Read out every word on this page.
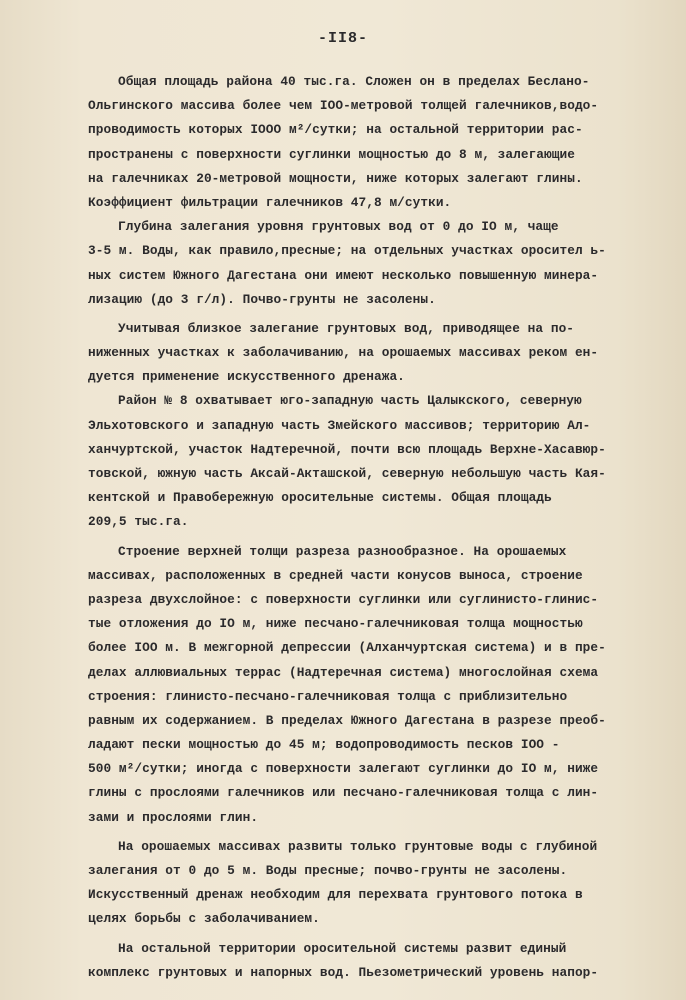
-II8-
Общая площадь района 40 тыс.га. Сложен он в пределах Беслано-
Ольгинского массива более чем IOO-метровой толщей галечников,водо-
проводимость которых IOOO м²/сутки; на остальной территории рас-
пространены с поверхности суглинки мощностью до 8 м, залегающие
на галечниках 20-метровой мощности, ниже которых залегают глины.
Коэффициент фильтрации галечников 47,8 м/сутки.
Глубина залегания уровня грунтовых вод от 0 до IO м, чаще
3-5 м. Воды, как правило,пресные; на отдельных участках оросител ь-
ных систем Южного Дагестана они имеют несколько повышенную минера-
лизацию (до 3 г/л). Почво-грунты не засолены.
Учитывая близкое залегание грунтовых вод, приводящее на по-
ниженных участках к заболачиванию, на орошаемых массивах реком ен-
дуется применение искусственного дренажа.
Район № 8 охватывает юго-западную часть Цалыкского, северную
Эльхотовского и западную часть Змейского массивов; территорию Ал-
ханчуртской, участок Надтеречной, почти всю площадь Верхне-Хасавюр-
товской, южную часть Аксай-Акташской, северную небольшую часть Кая-
кентской и Правобережную оросительные системы. Общая площадь
209,5 тыс.га.
Строение верхней толщи разреза разнообразное. На орошаемых
массивах, расположенных в средней части конусов выноса, строение
разреза двухслойное: с поверхности суглинки или суглинисто-глинис-
тые отложения до IO м, ниже песчано-галечниковая толща мощностью
более IOO м. В межгорной депрессии (Алханчуртская система) и в пре-
делах аллювиальных террас (Надтеречная система) многослойная схема
строения: глинисто-песчано-галечниковая толща с приблизительно
равным их содержанием. В пределах Южного Дагестана в разрезе преоб-
ладают пески мощностью до 45 м; водопроводимость песков IOO -
500 м²/сутки; иногда с поверхности залегают суглинки до IO м, ниже
глины с прослоями галечников или песчано-галечниковая толща с лин-
зами и прослоями глин.
На орошаемых массивах развиты только грунтовые воды с глубиной
залегания от 0 до 5 м. Воды пресные; почво-грунты не засолены.
Искусственный дренаж необходим для перехвата грунтового потока в
целях борьбы с заболачиванием.
На остальной территории оросительной системы развит единый
комплекс грунтовых и напорных вод. Пьезометрический уровень напор-
